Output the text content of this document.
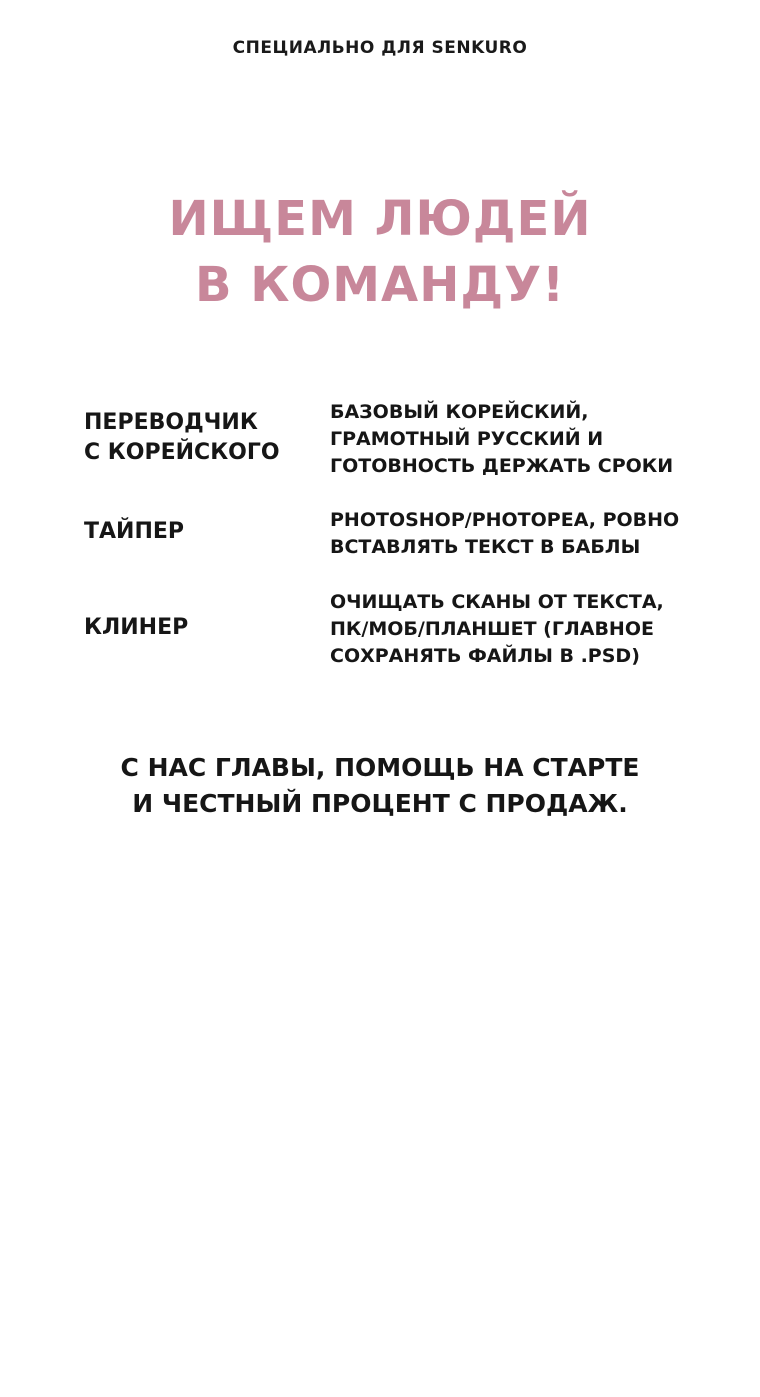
СПЕЦИАЛЬНО ДЛЯ SENKURO
ИЩЕМ ЛЮДЕЙ
В КОМАНДУ!
ПЕРЕВОДЧИК
С КОРЕЙСКОГО
БАЗОВЫЙ КОРЕЙСКИЙ,
ГРАМОТНЫЙ РУССКИЙ И
ГОТОВНОСТЬ ДЕРЖАТЬ СРОКИ
ТАЙПЕР	PHOTOSHOP/PHOTOPEA, РОВНО
ВСТАВЛЯТЬ ТЕКСТ В БАБЛЫ
КЛИНЕР
ОЧИЩАТЬ СКАНЫ ОТ ТЕКСТА,
ПК/МОБ/ПЛАНШЕТ (ГЛАВНОЕ
СОХРАНЯТЬ ФАЙЛЫ В .PSD)
С НАС ГЛАВЫ, ПОМОЩЬ НА СТАРТЕ
И ЧЕСТНЫЙ ПРОЦЕНТ С ПРОДАЖ.
